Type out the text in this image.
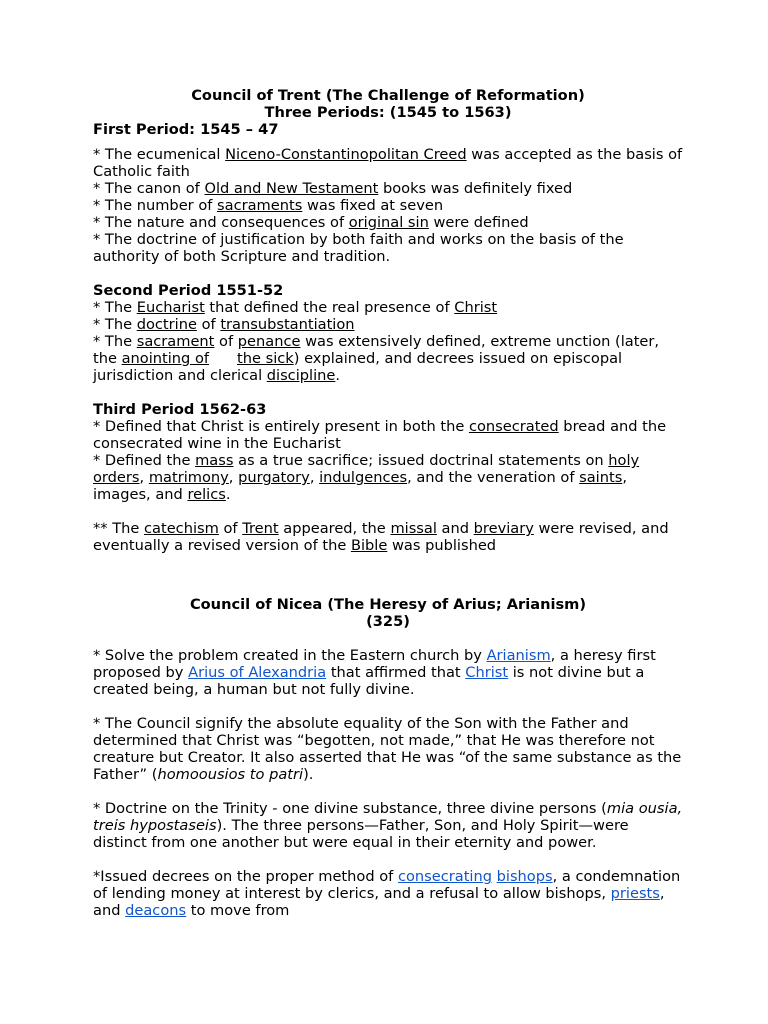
Council of Trent (The Challenge of Reformation)

Three Periods: (1545 to 1563)

First Period: 1545 – 47

* The ecumenical Niceno-Constantinopolitan Creed was accepted as the basis of Catholic faith

* The canon of Old and New Testament books was definitely fixed

* The number of sacraments was fixed at seven

* The nature and consequences of original sin were defined

* The doctrine of justification by both faith and works on the basis of the authority of both Scripture and tradition.

Second Period 1551-52

* The Eucharist that defined the real presence of Christ

* The doctrine of transubstantiation

* The sacrament of penance was extensively defined, extreme unction (later, the anointing of the sick) explained, and decrees issued on episcopal jurisdiction and clerical discipline.

Third Period 1562-63

* Defined that Christ is entirely present in both the consecrated bread and the consecrated wine in the Eucharist

* Defined the mass as a true sacrifice; issued doctrinal statements on holy orders, matrimony, purgatory, indulgences, and the veneration of saints, images, and relics.

** The catechism of Trent appeared, the missal and breviary were revised, and eventually a revised version of the Bible was published

Council of Nicea (The Heresy of Arius; Arianism)

(325)

* Solve the problem created in the Eastern church by Arianism, a heresy first proposed by Arius of Alexandria that affirmed that Christ is not divine but a created being, a human but not fully divine.

* The Council signify the absolute equality of the Son with the Father and determined that Christ was “begotten, not made,” that He was therefore not creature but Creator. It also asserted that He was “of the same substance as the Father” (homoousios to patri).

* Doctrine on the Trinity - one divine substance, three divine persons (mia ousia, treis hypostaseis). The three persons—Father, Son, and Holy Spirit—were distinct from one another but were equal in their eternity and power.

*Issued decrees on the proper method of consecrating bishops, a condemnation of lending money at interest by clerics, and a refusal to allow bishops, priests, and deacons to move from
